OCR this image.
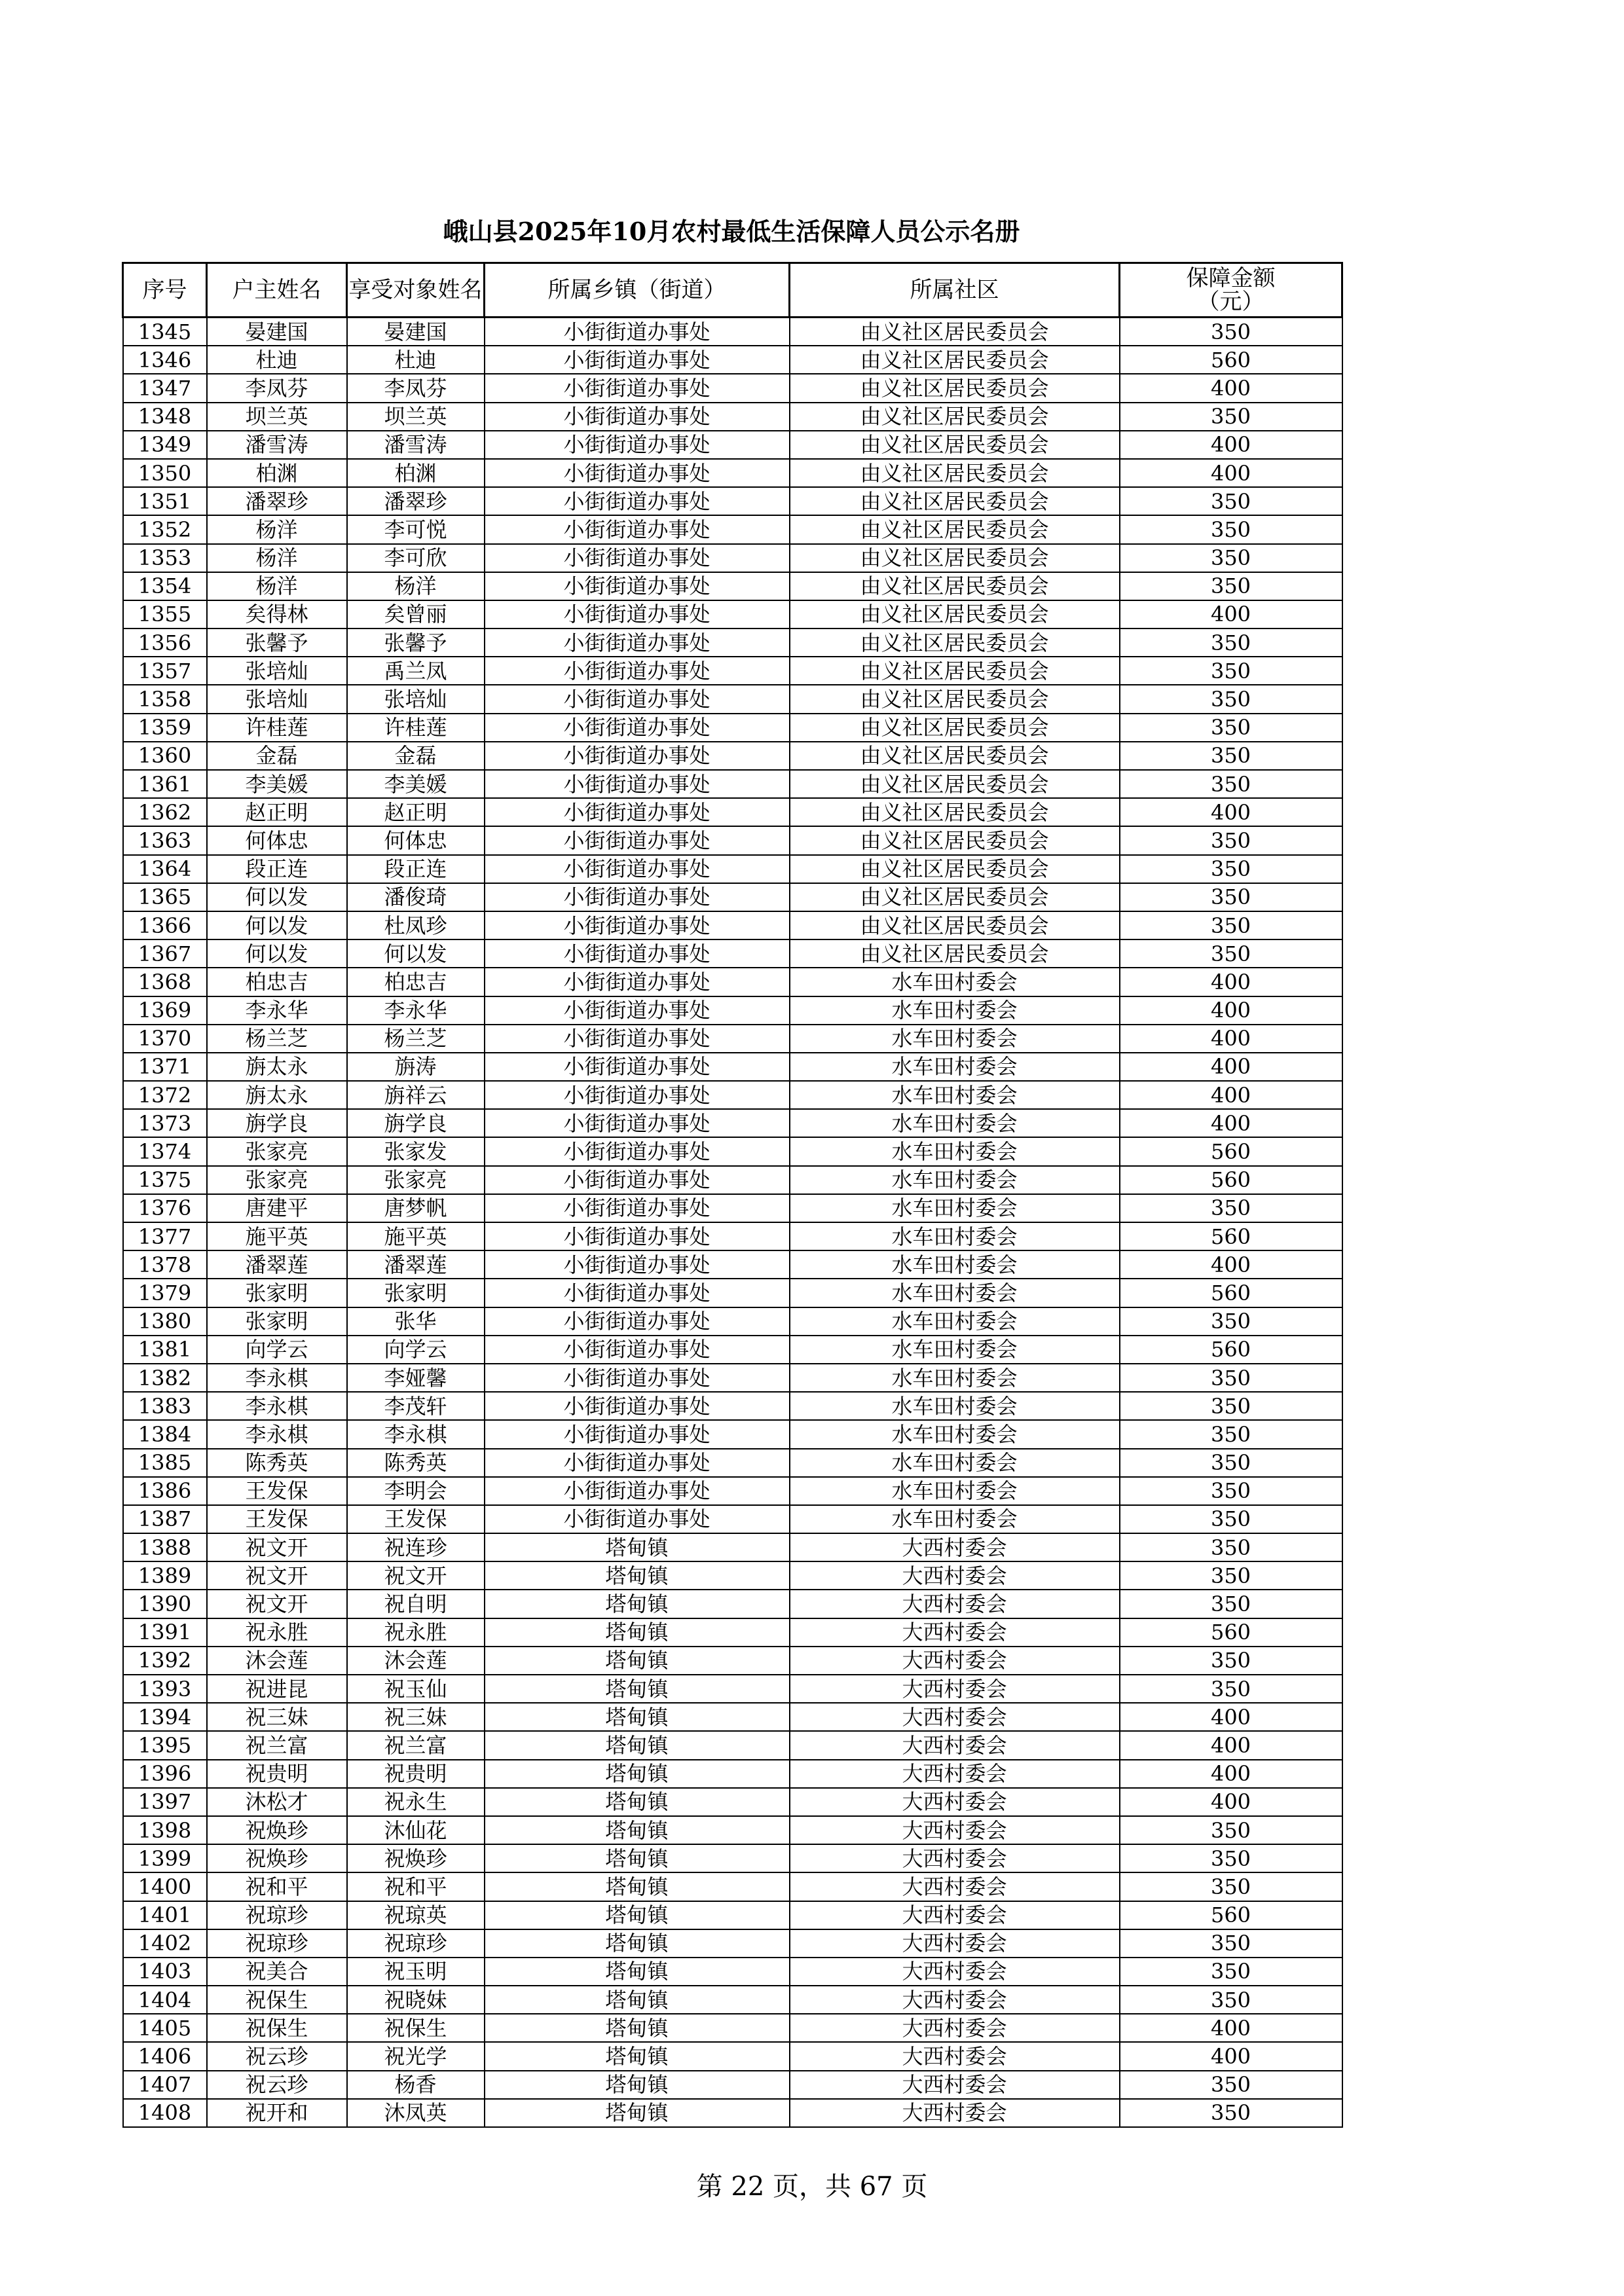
峨山县2025年10月农村最低生活保障人员公示名册
序号	户主姓名	享受对象姓名	所属乡镇（街道）	所属社区	保障金额
（元）

1345	晏建国	晏建国	小街街道办事处	由义社区居民委员会	350
1346	杜迪	杜迪	小街街道办事处	由义社区居民委员会	560
1347	李凤芬	李凤芬	小街街道办事处	由义社区居民委员会	400
1348	坝兰英	坝兰英	小街街道办事处	由义社区居民委员会	350
1349	潘雪涛	潘雪涛	小街街道办事处	由义社区居民委员会	400
1350	柏渊	柏渊	小街街道办事处	由义社区居民委员会	400
1351	潘翠珍	潘翠珍	小街街道办事处	由义社区居民委员会	350
1352	杨洋	李可悦	小街街道办事处	由义社区居民委员会	350
1353	杨洋	李可欣	小街街道办事处	由义社区居民委员会	350
1354	杨洋	杨洋	小街街道办事处	由义社区居民委员会	350
1355	矣得林	矣曾丽	小街街道办事处	由义社区居民委员会	400
1356	张馨予	张馨予	小街街道办事处	由义社区居民委员会	350
1357	张培灿	禹兰凤	小街街道办事处	由义社区居民委员会	350
1358	张培灿	张培灿	小街街道办事处	由义社区居民委员会	350
1359	许桂莲	许桂莲	小街街道办事处	由义社区居民委员会	350
1360	金磊	金磊	小街街道办事处	由义社区居民委员会	350
1361	李美媛	李美媛	小街街道办事处	由义社区居民委员会	350
1362	赵正明	赵正明	小街街道办事处	由义社区居民委员会	400
1363	何体忠	何体忠	小街街道办事处	由义社区居民委员会	350
1364	段正连	段正连	小街街道办事处	由义社区居民委员会	350
1365	何以发	潘俊琦	小街街道办事处	由义社区居民委员会	350
1366	何以发	杜凤珍	小街街道办事处	由义社区居民委员会	350
1367	何以发	何以发	小街街道办事处	由义社区居民委员会	350
1368	柏忠吉	柏忠吉	小街街道办事处	水车田村委会	400
1369	李永华	李永华	小街街道办事处	水车田村委会	400
1370	杨兰芝	杨兰芝	小街街道办事处	水车田村委会	400
1371	旃太永	旃涛	小街街道办事处	水车田村委会	400
1372	旃太永	旃祥云	小街街道办事处	水车田村委会	400
1373	旃学良	旃学良	小街街道办事处	水车田村委会	400
1374	张家亮	张家发	小街街道办事处	水车田村委会	560
1375	张家亮	张家亮	小街街道办事处	水车田村委会	560
1376	唐建平	唐梦帆	小街街道办事处	水车田村委会	350
1377	施平英	施平英	小街街道办事处	水车田村委会	560
1378	潘翠莲	潘翠莲	小街街道办事处	水车田村委会	400
1379	张家明	张家明	小街街道办事处	水车田村委会	560
1380	张家明	张华	小街街道办事处	水车田村委会	350
1381	向学云	向学云	小街街道办事处	水车田村委会	560
1382	李永棋	李娅馨	小街街道办事处	水车田村委会	350
1383	李永棋	李茂轩	小街街道办事处	水车田村委会	350
1384	李永棋	李永棋	小街街道办事处	水车田村委会	350
1385	陈秀英	陈秀英	小街街道办事处	水车田村委会	350
1386	王发保	李明会	小街街道办事处	水车田村委会	350
1387	王发保	王发保	小街街道办事处	水车田村委会	350
1388	祝文开	祝连珍	塔甸镇	大西村委会	350
1389	祝文开	祝文开	塔甸镇	大西村委会	350
1390	祝文开	祝自明	塔甸镇	大西村委会	350
1391	祝永胜	祝永胜	塔甸镇	大西村委会	560
1392	沐会莲	沐会莲	塔甸镇	大西村委会	350
1393	祝进昆	祝玉仙	塔甸镇	大西村委会	350
1394	祝三妹	祝三妹	塔甸镇	大西村委会	400
1395	祝兰富	祝兰富	塔甸镇	大西村委会	400
1396	祝贵明	祝贵明	塔甸镇	大西村委会	400
1397	沐松才	祝永生	塔甸镇	大西村委会	400
1398	祝焕珍	沐仙花	塔甸镇	大西村委会	350
1399	祝焕珍	祝焕珍	塔甸镇	大西村委会	350
1400	祝和平	祝和平	塔甸镇	大西村委会	350
1401	祝琼珍	祝琼英	塔甸镇	大西村委会	560
1402	祝琼珍	祝琼珍	塔甸镇	大西村委会	350
1403	祝美合	祝玉明	塔甸镇	大西村委会	350
1404	祝保生	祝晓妹	塔甸镇	大西村委会	350
1405	祝保生	祝保生	塔甸镇	大西村委会	400
1406	祝云珍	祝光学	塔甸镇	大西村委会	400
1407	祝云珍	杨香	塔甸镇	大西村委会	350
1408	祝开和	沐凤英	塔甸镇	大西村委会	350
第 22 页，共 67 页
